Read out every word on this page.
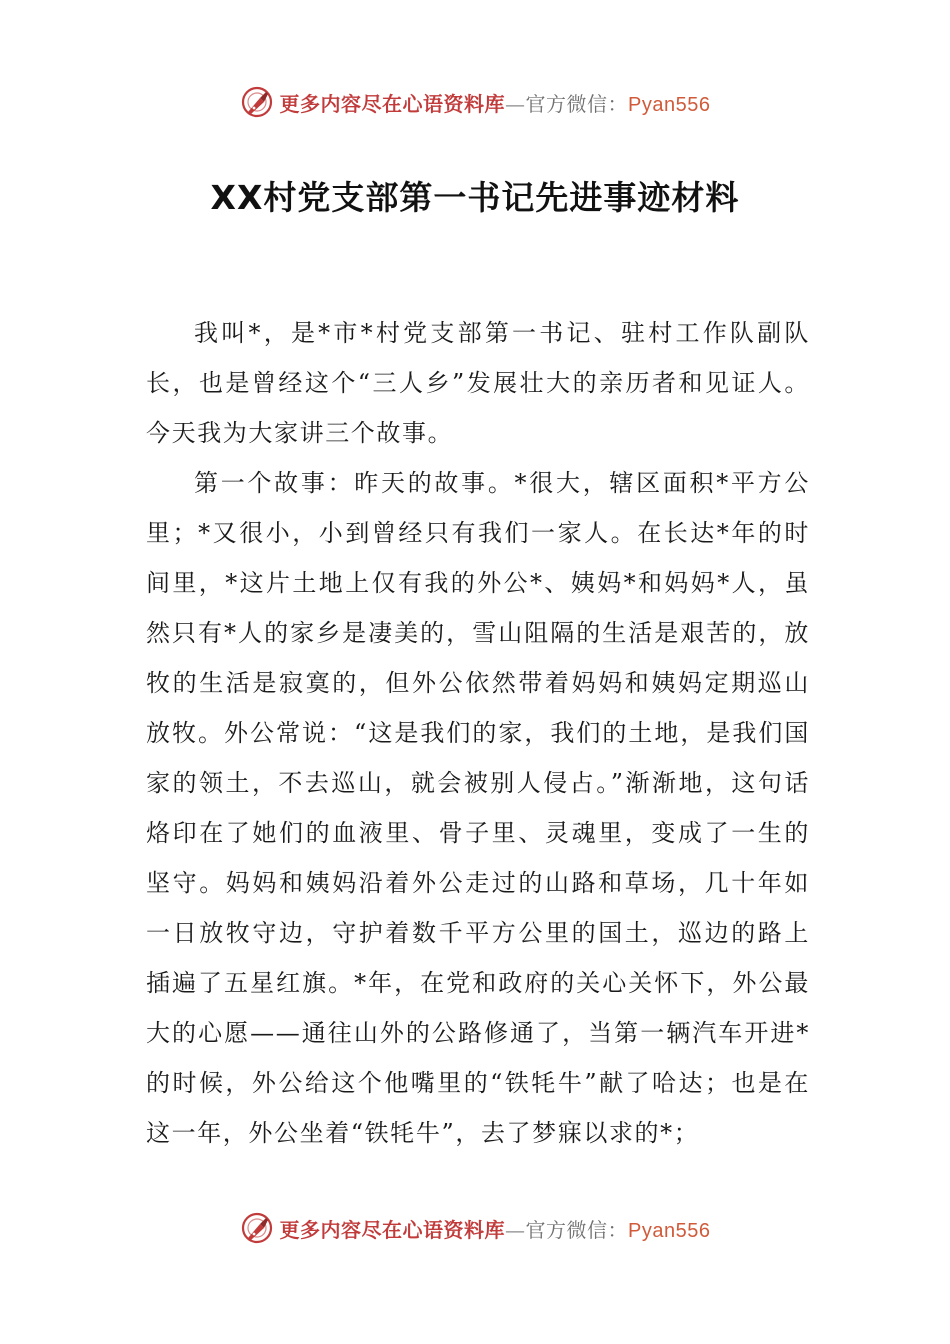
更多内容尽在心语资料库 — 官方微信： Pyan556
XX村党支部第一书记先进事迹材料

我叫*，是*市*村党支部第一书记、驻村工作队副队长，也是曾经这个“三人乡”发展壮大的亲历者和见证人。今天我为大家讲三个故事。

第一个故事：昨天的故事。*很大，辖区面积*平方公里；*又很小，小到曾经只有我们一家人。在长达*年的时间里，*这片土地上仅有我的外公*、姨妈*和妈妈*人，虽然只有*人的家乡是凄美的，雪山阻隔的生活是艰苦的，放牧的生活是寂寞的，但外公依然带着妈妈和姨妈定期巡山放牧。外公常说：“这是我们的家，我们的土地，是我们国家的领土，不去巡山，就会被别人侵占。”渐渐地，这句话烙印在了她们的血液里、骨子里、灵魂里，变成了一生的坚守。妈妈和姨妈沿着外公走过的山路和草场，几十年如一日放牧守边，守护着数千平方公里的国土，巡边的路上插遍了五星红旗。*年，在党和政府的关心关怀下，外公最大的心愿——通往山外的公路修通了，当第一辆汽车开进*的时候，外公给这个他嘴里的“铁牦牛”献了哈达；也是在这一年，外公坐着“铁牦牛”，去了梦寐以求的*；

更多内容尽在心语资料库 — 官方微信： Pyan556
